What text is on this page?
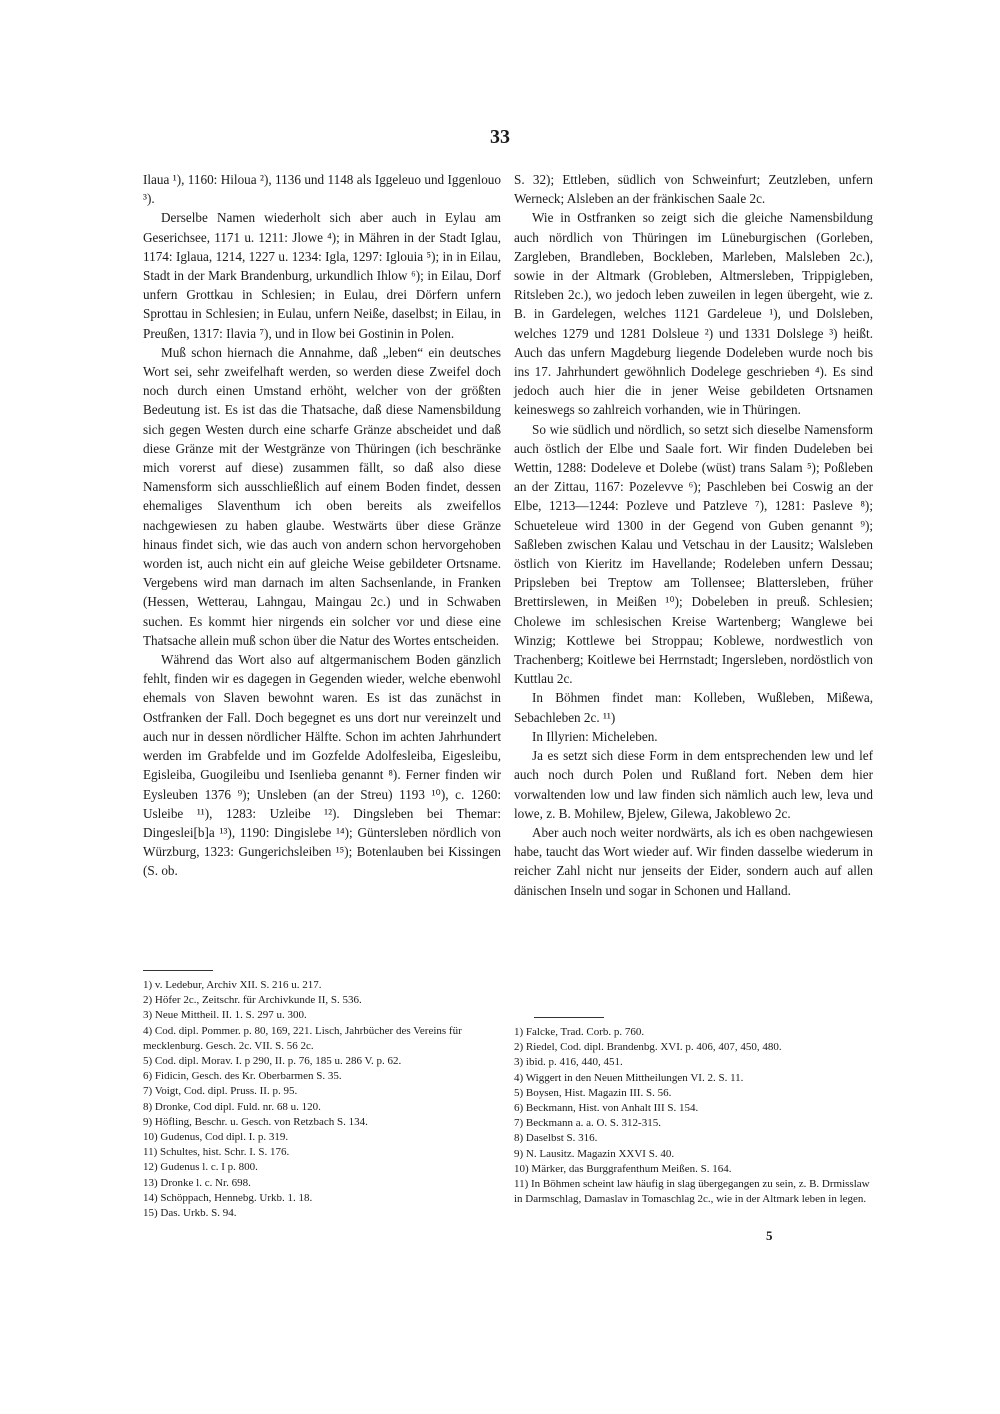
33

Ilaua ¹), 1160: Hiloua ²), 1136 und 1148 als Iggeleuo und Iggenlouo ³).

Derselbe Namen wiederholt sich aber auch in Eylau am Geserichsee, 1171 u. 1211: Jlowe ⁴); in Mähren in der Stadt Iglau, 1174: Iglaua, 1214, 1227 u. 1234: Igla, 1297: Iglouia ⁵); in in Eilau, Stadt in der Mark Brandenburg, urkundlich Ihlow ⁶); in Eilau, Dorf unfern Grottkau in Schlesien; in Eulau, drei Dörfern unfern Sprottau in Schlesien; in Eulau, unfern Neiße, daselbst; in Eilau, in Preußen, 1317: Ilavia ⁷), und in Ilow bei Gostinin in Polen.

Muß schon hiernach die Annahme, daß „leben“ ein deutsches Wort sei, sehr zweifelhaft werden, so werden diese Zweifel doch noch durch einen Umstand erhöht, welcher von der größten Bedeutung ist. Es ist das die Thatsache, daß diese Namensbildung sich gegen Westen durch eine scharfe Gränze abscheidet und daß diese Gränze mit der Westgränze von Thüringen (ich beschränke mich vorerst auf diese) zusammen fällt, so daß also diese Namensform sich ausschließlich auf einem Boden findet, dessen ehemaliges Slaventhum ich oben bereits als zweifellos nachgewiesen zu haben glaube. Westwärts über diese Gränze hinaus findet sich, wie das auch von andern schon hervorgehoben worden ist, auch nicht ein auf gleiche Weise gebildeter Ortsname. Vergebens wird man darnach im alten Sachsenlande, in Franken (Hessen, Wetterau, Lahngau, Maingau 2c.) und in Schwaben suchen. Es kommt hier nirgends ein solcher vor und diese eine Thatsache allein muß schon über die Natur des Wortes entscheiden.

Während das Wort also auf altgermanischem Boden gänzlich fehlt, finden wir es dagegen in Gegenden wieder, welche ebenwohl ehemals von Slaven bewohnt waren. Es ist das zunächst in Ostfranken der Fall. Doch begegnet es uns dort nur vereinzelt und auch nur in dessen nördlicher Hälfte. Schon im achten Jahrhundert werden im Grabfelde und im Gozfelde Adolfesleiba, Eigesleibu, Egisleiba, Guogileibu und Isenlieba genannt ⁸). Ferner finden wir Eysleuben 1376 ⁹); Unsleben (an der Streu) 1193 ¹⁰), c. 1260: Usleibe ¹¹), 1283: Uzleibe ¹²). Dingsleben bei Themar: Dingeslei[b]a ¹³), 1190: Dingislebe ¹⁴); Güntersleben nördlich von Würzburg, 1323: Gungerichsleiben ¹⁵); Botenlauben bei Kissingen (S. ob.

S. 32); Ettleben, südlich von Schweinfurt; Zeutzleben, unfern Werneck; Alsleben an der fränkischen Saale 2c.

Wie in Ostfranken so zeigt sich die gleiche Namensbildung auch nördlich von Thüringen im Lüneburgischen (Gorleben, Zargleben, Brandleben, Bockleben, Marleben, Malsleben 2c.), sowie in der Altmark (Grobleben, Altmersleben, Trippigleben, Ritsleben 2c.), wo jedoch leben zuweilen in legen übergeht, wie z. B. in Gardelegen, welches 1121 Gardeleue ¹), und Dolsleben, welches 1279 und 1281 Dolsleue ²) und 1331 Dolslege ³) heißt. Auch das unfern Magdeburg liegende Dodeleben wurde noch bis ins 17. Jahrhundert gewöhnlich Dodelege geschrieben ⁴). Es sind jedoch auch hier die in jener Weise gebildeten Ortsnamen keineswegs so zahlreich vorhanden, wie in Thüringen.

So wie südlich und nördlich, so setzt sich dieselbe Namensform auch östlich der Elbe und Saale fort. Wir finden Dudeleben bei Wettin, 1288: Dodeleve et Dolebe (wüst) trans Salam ⁵); Poßleben an der Zittau, 1167: Pozelevve ⁶); Paschleben bei Coswig an der Elbe, 1213—1244: Pozleve und Patzleve ⁷), 1281: Pasleve ⁸); Schueteleue wird 1300 in der Gegend von Guben genannt ⁹); Saßleben zwischen Kalau und Vetschau in der Lausitz; Walsleben östlich von Kieritz im Havellande; Rodeleben unfern Dessau; Pripsleben bei Treptow am Tollensee; Blattersleben, früher Brettirslewen, in Meißen ¹⁰); Dobeleben in preuß. Schlesien; Cholewe im schlesischen Kreise Wartenberg; Wanglewe bei Winzig; Kottlewe bei Stroppau; Koblewe, nordwestlich von Trachenberg; Koitlewe bei Herrnstadt; Ingersleben, nordöstlich von Kuttlau 2c.

In Böhmen findet man: Kolleben, Wußleben, Mißewa, Sebachleben 2c. ¹¹)

In Illyrien: Micheleben.

Ja es setzt sich diese Form in dem entsprechenden lew und lef auch noch durch Polen und Rußland fort. Neben dem hier vorwaltenden low und law finden sich nämlich auch lew, leva und lowe, z. B. Mohilew, Bjelew, Gilewa, Jakoblewo 2c.

Aber auch noch weiter nordwärts, als ich es oben nachgewiesen habe, taucht das Wort wieder auf. Wir finden dasselbe wiederum in reicher Zahl nicht nur jenseits der Eider, sondern auch auf allen dänischen Inseln und sogar in Schonen und Halland.

1) v. Ledebur, Archiv XII. S. 216 u. 217.

2) Höfer 2c., Zeitschr. für Archivkunde II, S. 536.

3) Neue Mittheil. II. 1. S. 297 u. 300.

4) Cod. dipl. Pommer. p. 80, 169, 221. Lisch, Jahrbücher des Vereins für mecklenburg. Gesch. 2c. VII. S. 56 2c.

5) Cod. dipl. Morav. I. p 290, II. p. 76, 185 u. 286 V. p. 62.

6) Fidicin, Gesch. des Kr. Oberbarmen S. 35.

7) Voigt, Cod. dipl. Pruss. II. p. 95.

8) Dronke, Cod dipl. Fuld. nr. 68 u. 120.

9) Höfling, Beschr. u. Gesch. von Retzbach S. 134.

10) Gudenus, Cod dipl. I. p. 319.

11) Schultes, hist. Schr. I. S. 176.

12) Gudenus l. c. I p. 800.

13) Dronke l. c. Nr. 698.

14) Schöppach, Hennebg. Urkb. 1. 18.

15) Das. Urkb. S. 94.

1) Falcke, Trad. Corb. p. 760.

2) Riedel, Cod. dipl. Brandenbg. XVI. p. 406, 407, 450, 480.

3) ibid. p. 416, 440, 451.

4) Wiggert in den Neuen Mittheilungen VI. 2. S. 11.

5) Boysen, Hist. Magazin III. S. 56.

6) Beckmann, Hist. von Anhalt III S. 154.

7) Beckmann a. a. O. S. 312-315.

8) Daselbst S. 316.

9) N. Lausitz. Magazin XXVI S. 40.

10) Märker, das Burggrafenthum Meißen. S. 164.

11) In Böhmen scheint law häufig in slag übergegangen zu sein, z. B. Drmisslaw in Darmschlag, Damaslav in Tomaschlag 2c., wie in der Altmark leben in legen.

5
